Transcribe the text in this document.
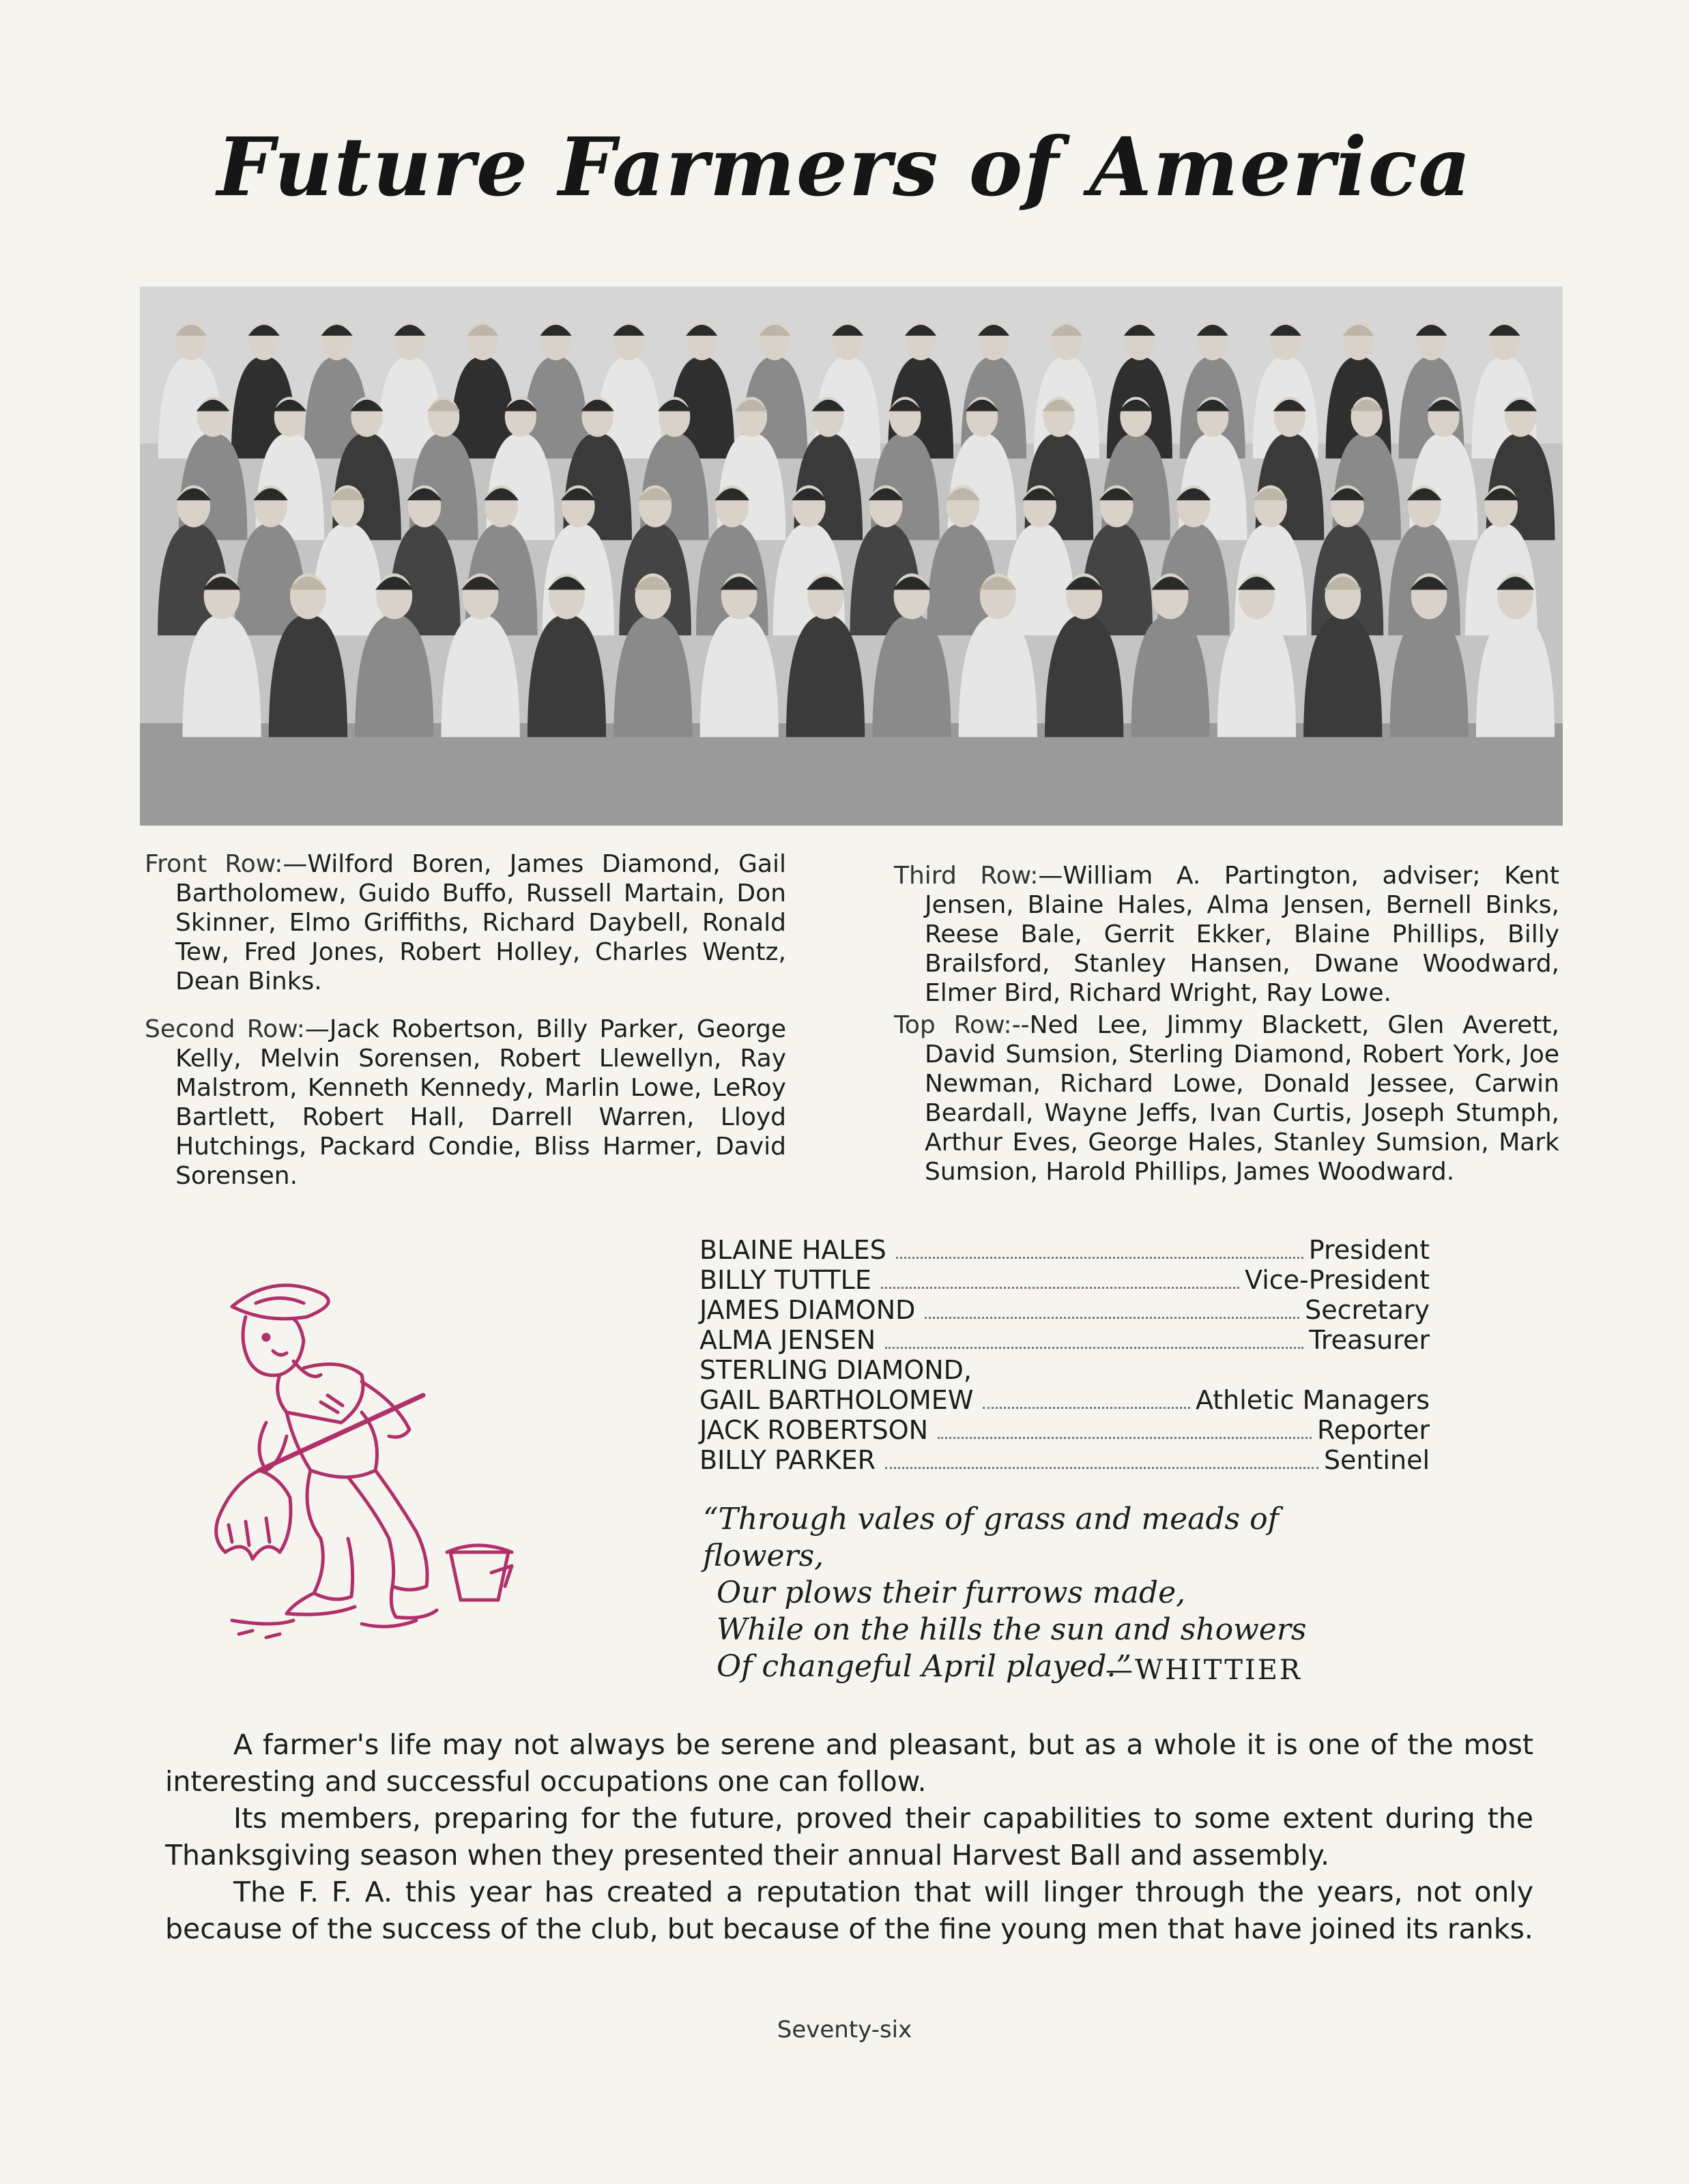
Future Farmers of America

Front Row:—Wilford Boren, James Diamond, Gail Bartholomew, Guido Buffo, Russell Martain, Don Skinner, Elmo Griffiths, Richard Daybell, Ronald Tew, Fred Jones, Robert Holley, Charles Wentz, Dean Binks.

Second Row:—Jack Robertson, Billy Parker, George Kelly, Melvin Sorensen, Robert Llewellyn, Ray Malstrom, Kenneth Kennedy, Marlin Lowe, LeRoy Bartlett, Robert Hall, Darrell Warren, Lloyd Hutchings, Packard Condie, Bliss Harmer, David Sorensen.

Third Row:—William A. Partington, adviser; Kent Jensen, Blaine Hales, Alma Jensen, Bernell Binks, Reese Bale, Gerrit Ekker, Blaine Phillips, Billy Brailsford, Stanley Hansen, Dwane Woodward, Elmer Bird, Richard Wright, Ray Lowe.

Top Row:--Ned Lee, Jimmy Blackett, Glen Averett, David Sumsion, Sterling Diamond, Robert York, Joe Newman, Richard Lowe, Donald Jessee, Carwin Beardall, Wayne Jeffs, Ivan Curtis, Joseph Stumph, Arthur Eves, George Hales, Stanley Sumsion, Mark Sumsion, Harold Phillips, James Woodward.

BLAINE HALES	President
BILLY TUTTLE	Vice-President
JAMES DIAMOND	Secretary
ALMA JENSEN	Treasurer
STERLING DIAMOND,
GAIL BARTHOLOMEW	Athletic Managers
JACK ROBERTSON	Reporter
BILLY PARKER	Sentinel
“Through vales of grass and meads of flowers,
Our plows their furrows made,
While on the hills the sun and showers
Of changeful April played.”
—WHITTIER

A farmer's life may not always be serene and pleasant, but as a whole it is one of the most interesting and successful occupations one can follow.

Its members, preparing for the future, proved their capabilities to some extent during the Thanksgiving season when they presented their annual Harvest Ball and assembly.

The F. F. A. this year has created a reputation that will linger through the years, not only because of the success of the club, but because of the fine young men that have joined its ranks.

Seventy-six
